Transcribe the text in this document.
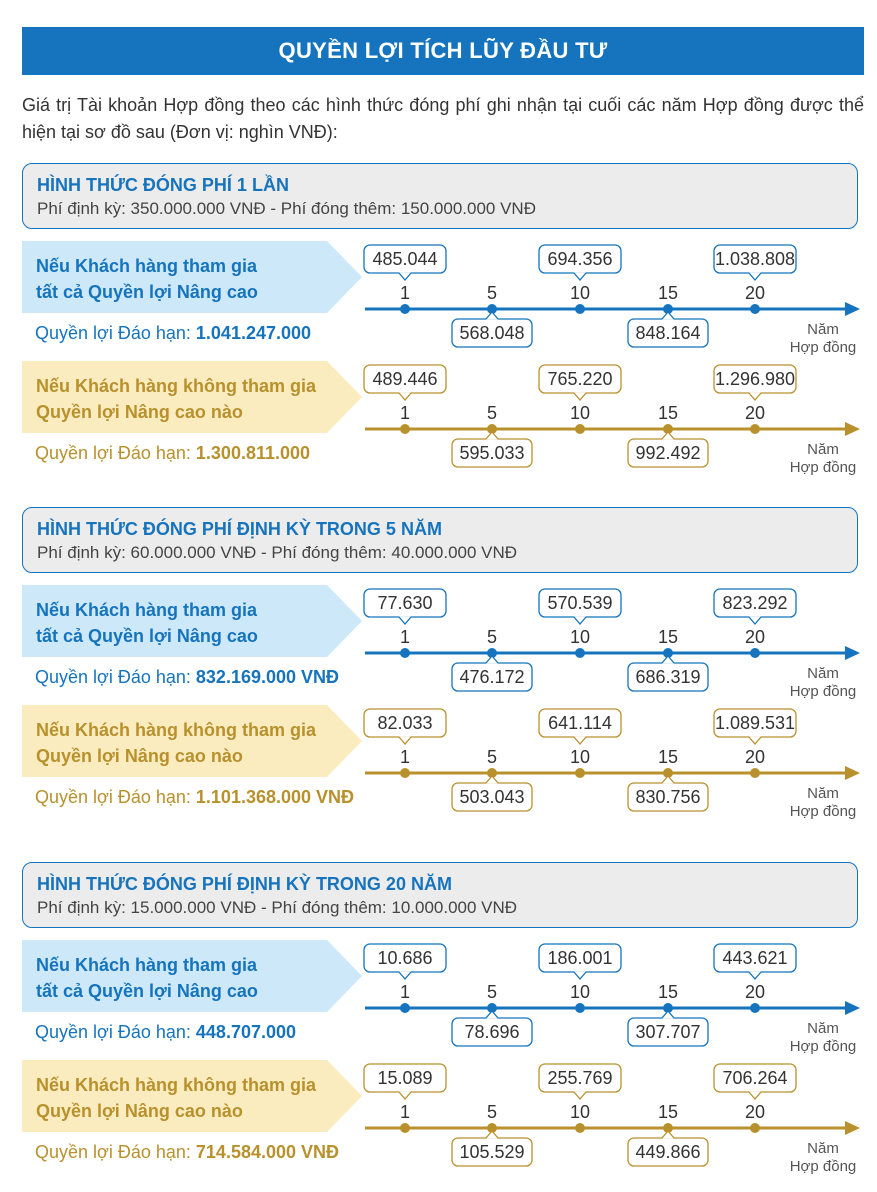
QUYỀN LỢI TÍCH LŨY ĐẦU TƯ
Giá trị Tài khoản Hợp đồng theo các hình thức đóng phí ghi nhận tại cuối các năm Hợp đồng được thể hiện tại sơ đồ sau (Đơn vị: nghìn VNĐ):
HÌNH THỨC ĐÓNG PHÍ 1 LẦN
Phí định kỳ: 350.000.000 VNĐ - Phí đóng thêm: 150.000.000 VNĐ
Nếu Khách hàng tham gia
tất cả Quyền lợi Nâng cao
Quyền lợi Đáo hạn: 1.041.247.000
1	5	10	15	20
485.044	694.356	1.038.808
568.048	848.164	Năm
Hợp đồng
Nếu Khách hàng không tham gia
Quyền lợi Nâng cao nào
Quyền lợi Đáo hạn: 1.300.811.000
1	5	10	15	20
489.446	765.220	1.296.980
595.033	992.492	Năm
Hợp đồng
HÌNH THỨC ĐÓNG PHÍ ĐỊNH KỲ TRONG 5 NĂM
Phí định kỳ: 60.000.000 VNĐ - Phí đóng thêm: 40.000.000 VNĐ
Nếu Khách hàng tham gia
tất cả Quyền lợi Nâng cao
Quyền lợi Đáo hạn: 832.169.000 VNĐ
1	5	10	15	20
77.630	570.539	823.292
476.172	686.319	Năm
Hợp đồng
Nếu Khách hàng không tham gia
Quyền lợi Nâng cao nào
Quyền lợi Đáo hạn: 1.101.368.000 VNĐ
1	5	10	15	20
82.033	641.114	1.089.531
503.043	830.756	Năm
Hợp đồng
HÌNH THỨC ĐÓNG PHÍ ĐỊNH KỲ TRONG 20 NĂM
Phí định kỳ: 15.000.000 VNĐ - Phí đóng thêm: 10.000.000 VNĐ
Nếu Khách hàng tham gia
tất cả Quyền lợi Nâng cao
Quyền lợi Đáo hạn: 448.707.000
1	5	10	15	20
10.686	186.001	443.621
78.696	307.707	Năm
Hợp đồng
Nếu Khách hàng không tham gia
Quyền lợi Nâng cao nào
Quyền lợi Đáo hạn: 714.584.000 VNĐ
1	5	10	15	20
15.089	255.769	706.264
105.529	449.866	Năm
Hợp đồng
